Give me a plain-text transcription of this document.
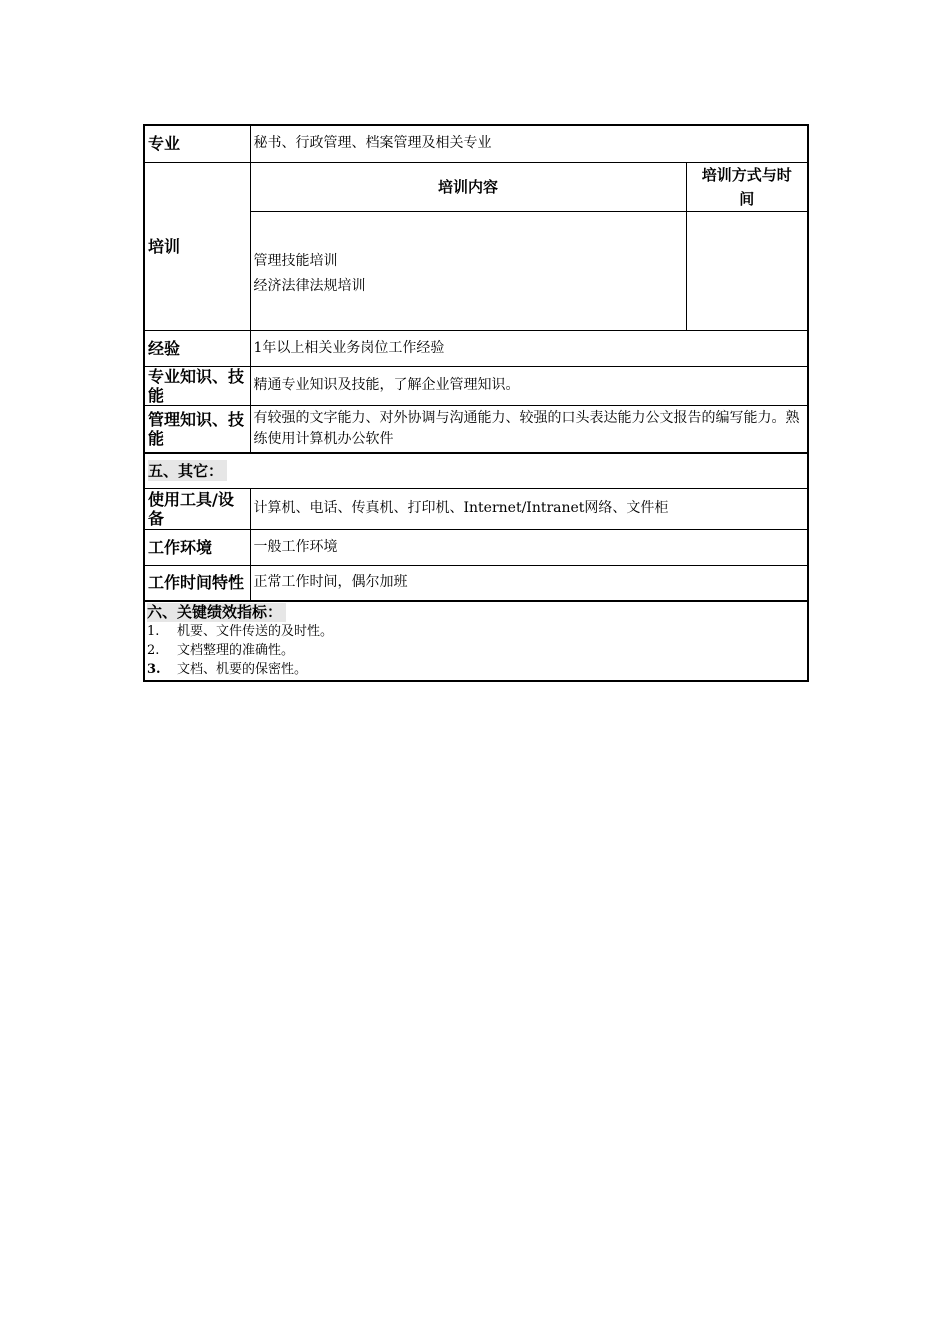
专业	秘书、行政管理、档案管理及相关专业	
培训	培训内容	培训方式与时间

	管理技能培训
经济法律法规培训	

经验	1年以上相关业务岗位工作经验	
专业知识、技能	精通专业知识及技能，了解企业管理知识。	
管理知识、技能	有较强的文字能力、对外协调与沟通能力、较强的口头表达能力公文报告的编写能力。熟练使用计算机办公软件	
五、其它：		
使用工具/设备	计算机、电话、传真机、打印机、Internet/Intranet网络、文件柜	
工作环境	一般工作环境	
工作时间特性	正常工作时间，偶尔加班	

六、关键绩效指标：
1. 机要、文件传送的及时性。
2. 文档整理的准确性。
3. 文档、机要的保密性。		
